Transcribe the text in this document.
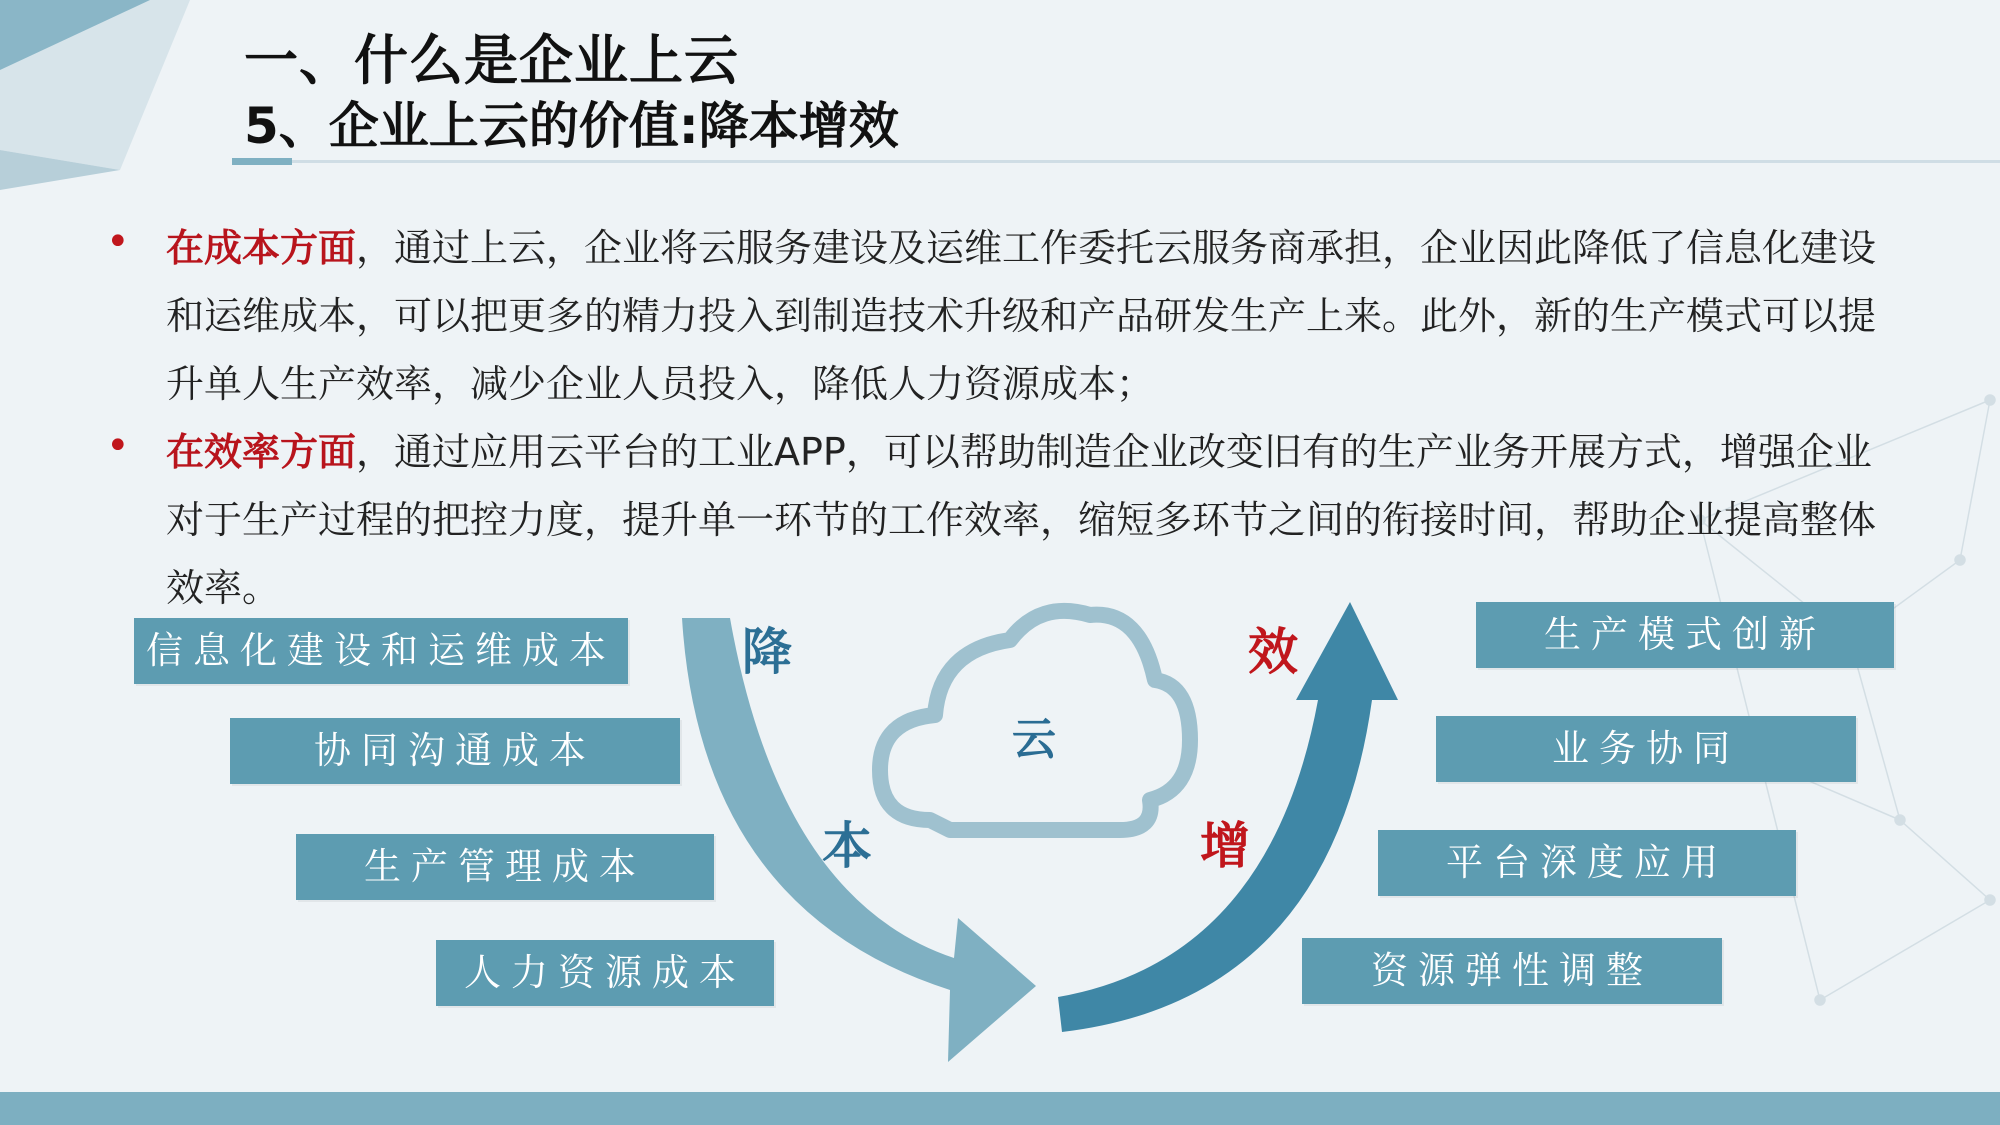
一、什么是企业上云
5、企业上云的价值:降本增效
• 在成本方面，通过上云，企业将云服务建设及运维工作委托云服务商承担，企业因此降低了信息化建设和运维成本，可以把更多的精力投入到制造技术升级和产品研发生产上来。此外，新的生产模式可以提升单人生产效率，减少企业人员投入，降低人力资源成本；
• 在效率方面，通过应用云平台的工业APP，可以帮助制造企业改变旧有的生产业务开展方式，增强企业对于生产过程的把控力度，提升单一环节的工作效率，缩短多环节之间的衔接时间，帮助企业提高整体效率。
云
降
本
效
增
信息化建设和运维成本
协同沟通成本
生产管理成本
人力资源成本
生产模式创新
业务协同
平台深度应用
资源弹性调整
